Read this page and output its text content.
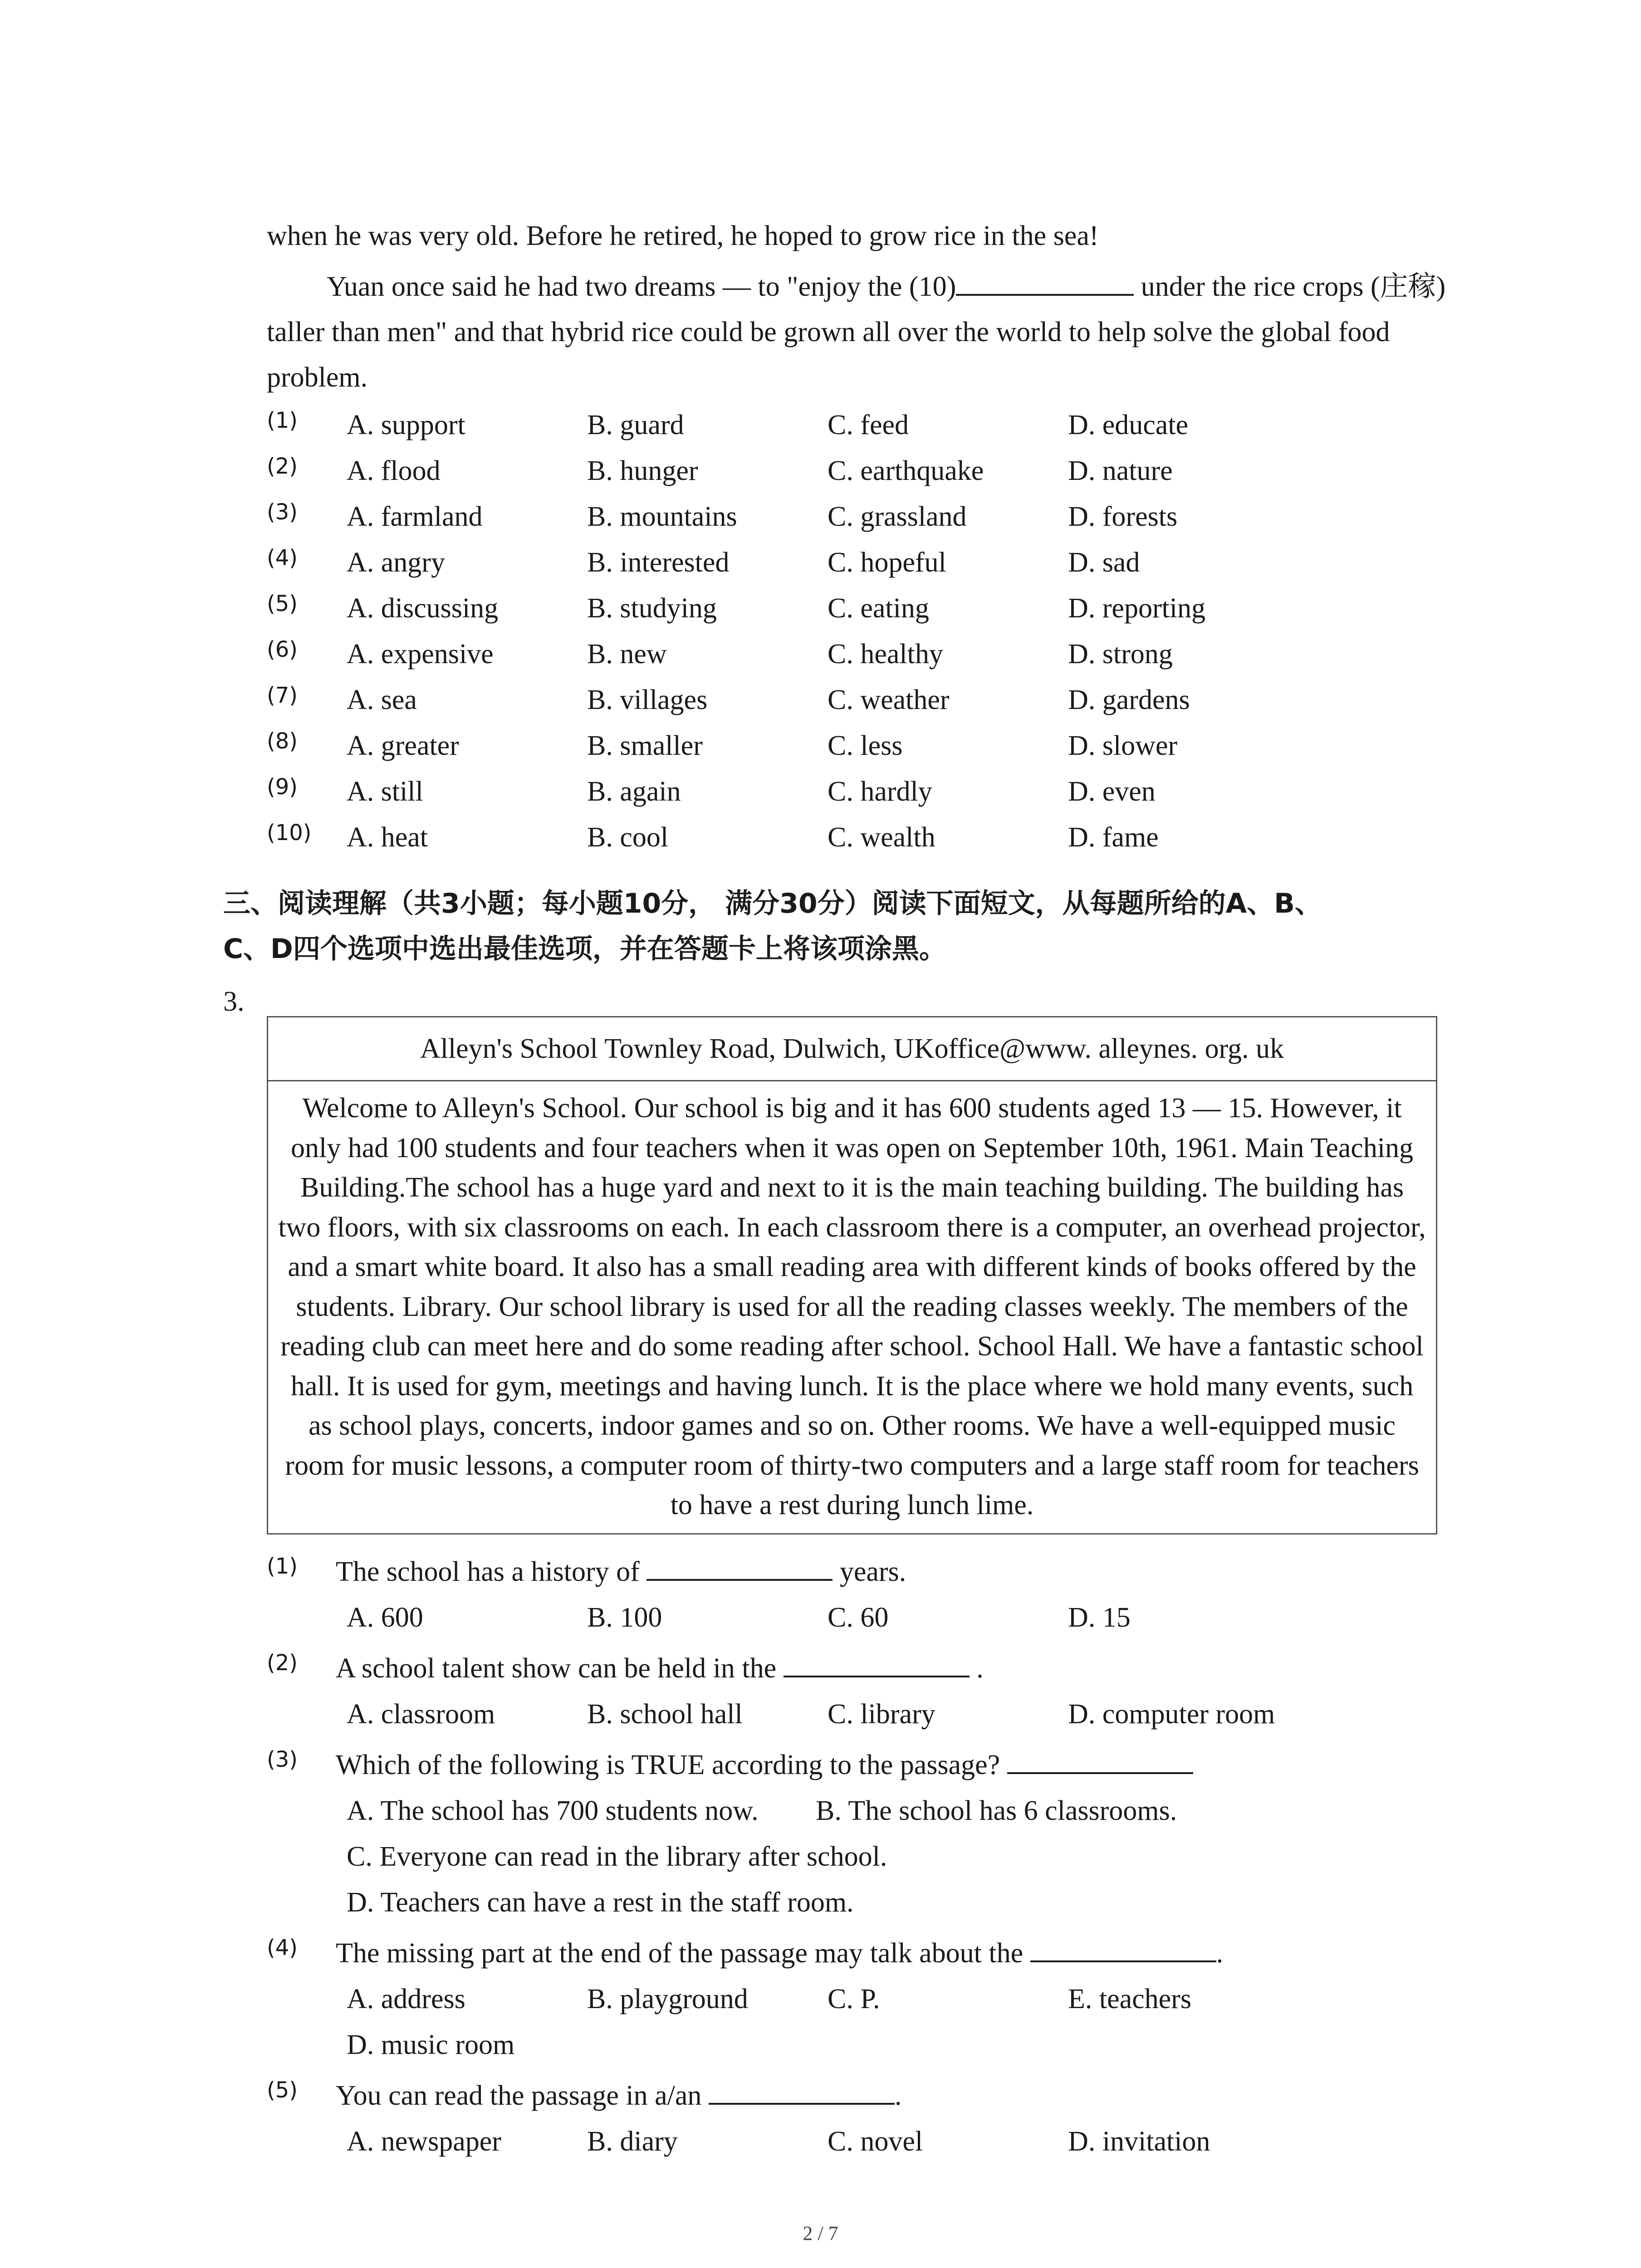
when he was very old. Before he retired, he hoped to grow rice in the sea!
Yuan once said he had two dreams — to "enjoy the (10)	under the rice crops (庄稼) taller than men" and that hybrid rice could be grown all over the world to help solve the global food problem.
(1) A. support	B. guard	C. feed	D. educate
(2) A. flood	B. hunger	C. earthquake	D. nature
(3) A. farmland	B. mountains	C. grassland	D. forests
(4) A. angry	B. interested	C. hopeful	D. sad
(5) A. discussing	B. studying	C. eating	D. reporting
(6) A. expensive	B. new	C. healthy	D. strong
(7) A. sea	B. villages	C. weather	D. gardens
(8) A. greater	B. smaller	C. less	D. slower
(9) A. still	B. again	C. hardly	D. even
(10) A. heat	B. cool	C. wealth	D. fame
三、阅读理解（共3小题；每小题10分， 满分30分）阅读下面短文，从每题所给的A、B、
C、D四个选项中选出最佳选项，并在答题卡上将该项涂黑。
3.
Alleyn's School Townley Road, Dulwich, UKoffice@www. alleynes. org. uk
Welcome to Alleyn's School. Our school is big and it has 600 students aged 13 — 15. However, it only had 100 students and four teachers when it was open on September 10th, 1961. Main Teaching Building.The school has a huge yard and next to it is the main teaching building. The building has two floors, with six classrooms on each. In each classroom there is a computer, an overhead projector, and a smart white board. It also has a small reading area with different kinds of books offered by the students. Library. Our school library is used for all the reading classes weekly. The members of the reading club can meet here and do some reading after school. School Hall. We have a fantastic school hall. It is used for gym, meetings and having lunch. It is the place where we hold many events, such as school plays, concerts, indoor games and so on. Other rooms. We have a well-equipped music room for music lessons, a computer room of thirty-two computers and a large staff room for teachers to have a rest during lunch lime.
(1) The school has a history of	years.
A. 600	B. 100	C. 60	D. 15
(2) A school talent show can be held in the	.
A. classroom	B. school hall	C. library	D. computer room
(3) Which of the following is TRUE according to the passage?
A. The school has 700 students now. B. The school has 6 classrooms.
C. Everyone can read in the library after school.
D. Teachers can have a rest in the staff room.
(4) The missing part at the end of the passage may talk about the	.
A. address	B. playground	C. P.	E. teachers
D. music room
(5) You can read the passage in a/an	.
A. newspaper	B. diary	C. novel	D. invitation
2 / 7
